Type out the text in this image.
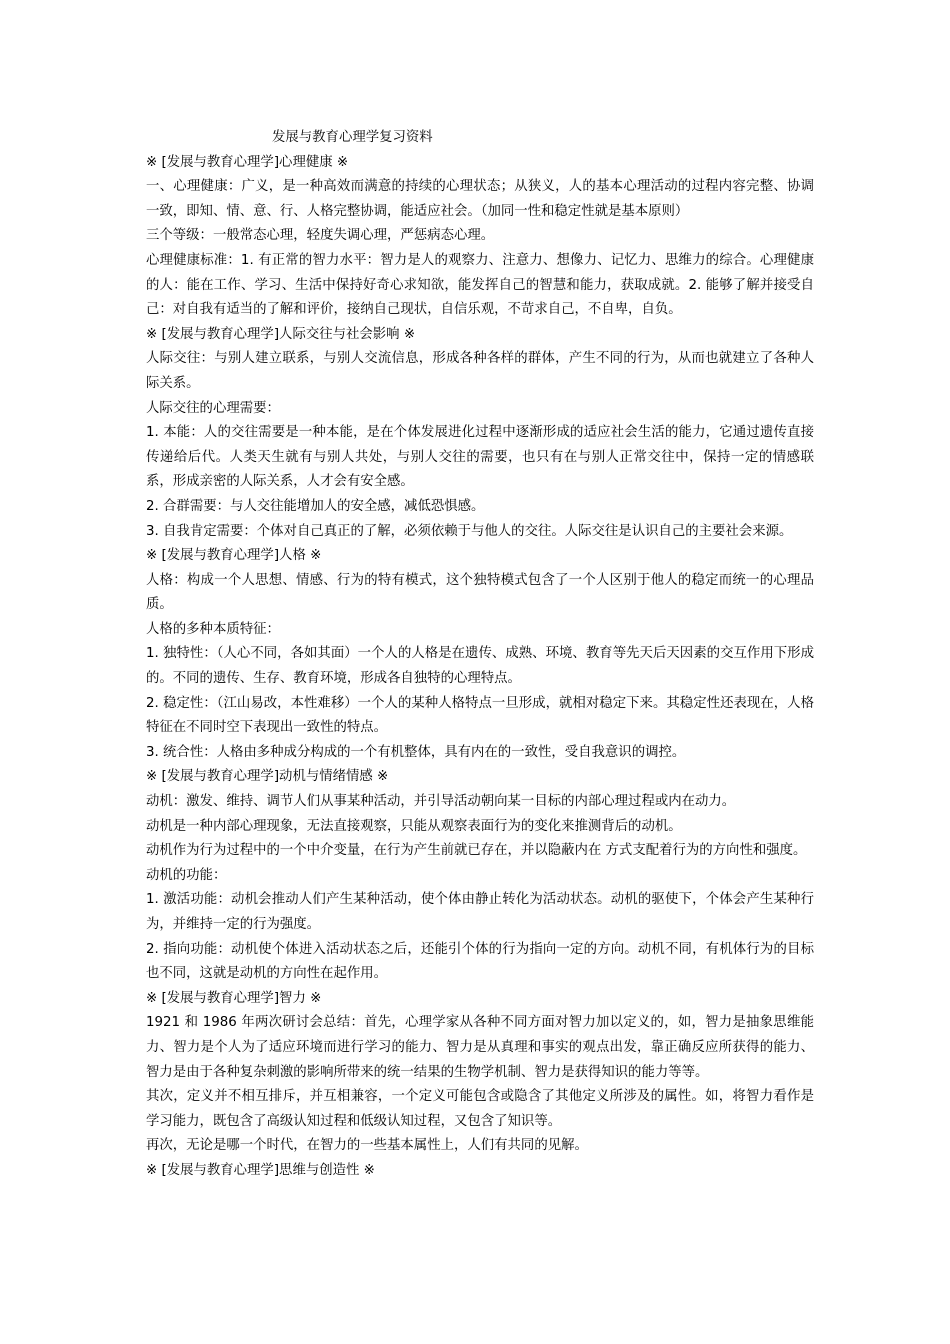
发展与教育心理学复习资料

※ [发展与教育心理学]心理健康 ※

一、心理健康：广义，是一种高效而满意的持续的心理状态；从狭义，人的基本心理活动的过程内容完整、协调一致，即知、情、意、行、人格完整协调，能适应社会。（加同一性和稳定性就是基本原则）

三个等级：一般常态心理，轻度失调心理，严惩病态心理。

心理健康标准：1. 有正常的智力水平：智力是人的观察力、注意力、想像力、记忆力、思维力的综合。心理健康的人：能在工作、学习、生活中保持好奇心求知欲，能发挥自己的智慧和能力，获取成就。2. 能够了解并接受自己：对自我有适当的了解和评价，接纳自己现状，自信乐观，不苛求自己，不自卑，自负。

※ [发展与教育心理学]人际交往与社会影响 ※

人际交往：与别人建立联系，与别人交流信息，形成各种各样的群体，产生不同的行为，从而也就建立了各种人际关系。

人际交往的心理需要：

1. 本能：人的交往需要是一种本能，是在个体发展进化过程中逐渐形成的适应社会生活的能力，它通过遗传直接传递给后代。人类天生就有与别人共处，与别人交往的需要，也只有在与别人正常交往中，保持一定的情感联系，形成亲密的人际关系，人才会有安全感。

2. 合群需要：与人交往能增加人的安全感，减低恐惧感。

3. 自我肯定需要：个体对自己真正的了解，必须依赖于与他人的交往。人际交往是认识自己的主要社会来源。

※ [发展与教育心理学]人格 ※

人格：构成一个人思想、情感、行为的特有模式，这个独特模式包含了一个人区别于他人的稳定而统一的心理品质。

人格的多种本质特征：

1. 独特性：（人心不同，各如其面）一个人的人格是在遗传、成熟、环境、教育等先天后天因素的交互作用下形成的。不同的遗传、生存、教育环境，形成各自独特的心理特点。

2. 稳定性：（江山易改，本性难移）一个人的某种人格特点一旦形成，就相对稳定下来。其稳定性还表现在，人格特征在不同时空下表现出一致性的特点。

3. 统合性：人格由多种成分构成的一个有机整体，具有内在的一致性，受自我意识的调控。

※ [发展与教育心理学]动机与情绪情感 ※

动机：激发、维持、调节人们从事某种活动，并引导活动朝向某一目标的内部心理过程或内在动力。

动机是一种内部心理现象，无法直接观察，只能从观察表面行为的变化来推测背后的动机。

动机作为行为过程中的一个中介变量，在行为产生前就已存在，并以隐蔽内在 方式支配着行为的方向性和强度。

动机的功能：

1. 激活功能：动机会推动人们产生某种活动，使个体由静止转化为活动状态。动机的驱使下，个体会产生某种行为，并维持一定的行为强度。

2. 指向功能：动机使个体进入活动状态之后，还能引个体的行为指向一定的方向。动机不同，有机体行为的目标也不同，这就是动机的方向性在起作用。

※ [发展与教育心理学]智力 ※

1921 和 1986 年两次研讨会总结：首先，心理学家从各种不同方面对智力加以定义的，如，智力是抽象思维能力、智力是个人为了适应环境而进行学习的能力、智力是从真理和事实的观点出发，靠正确反应所获得的能力、智力是由于各种复杂刺激的影响所带来的统一结果的生物学机制、智力是获得知识的能力等等。

其次，定义并不相互排斥，并互相兼容，一个定义可能包含或隐含了其他定义所涉及的属性。如，将智力看作是学习能力，既包含了高级认知过程和低级认知过程，又包含了知识等。

再次，无论是哪一个时代，在智力的一些基本属性上，人们有共同的见解。

※ [发展与教育心理学]思维与创造性 ※
